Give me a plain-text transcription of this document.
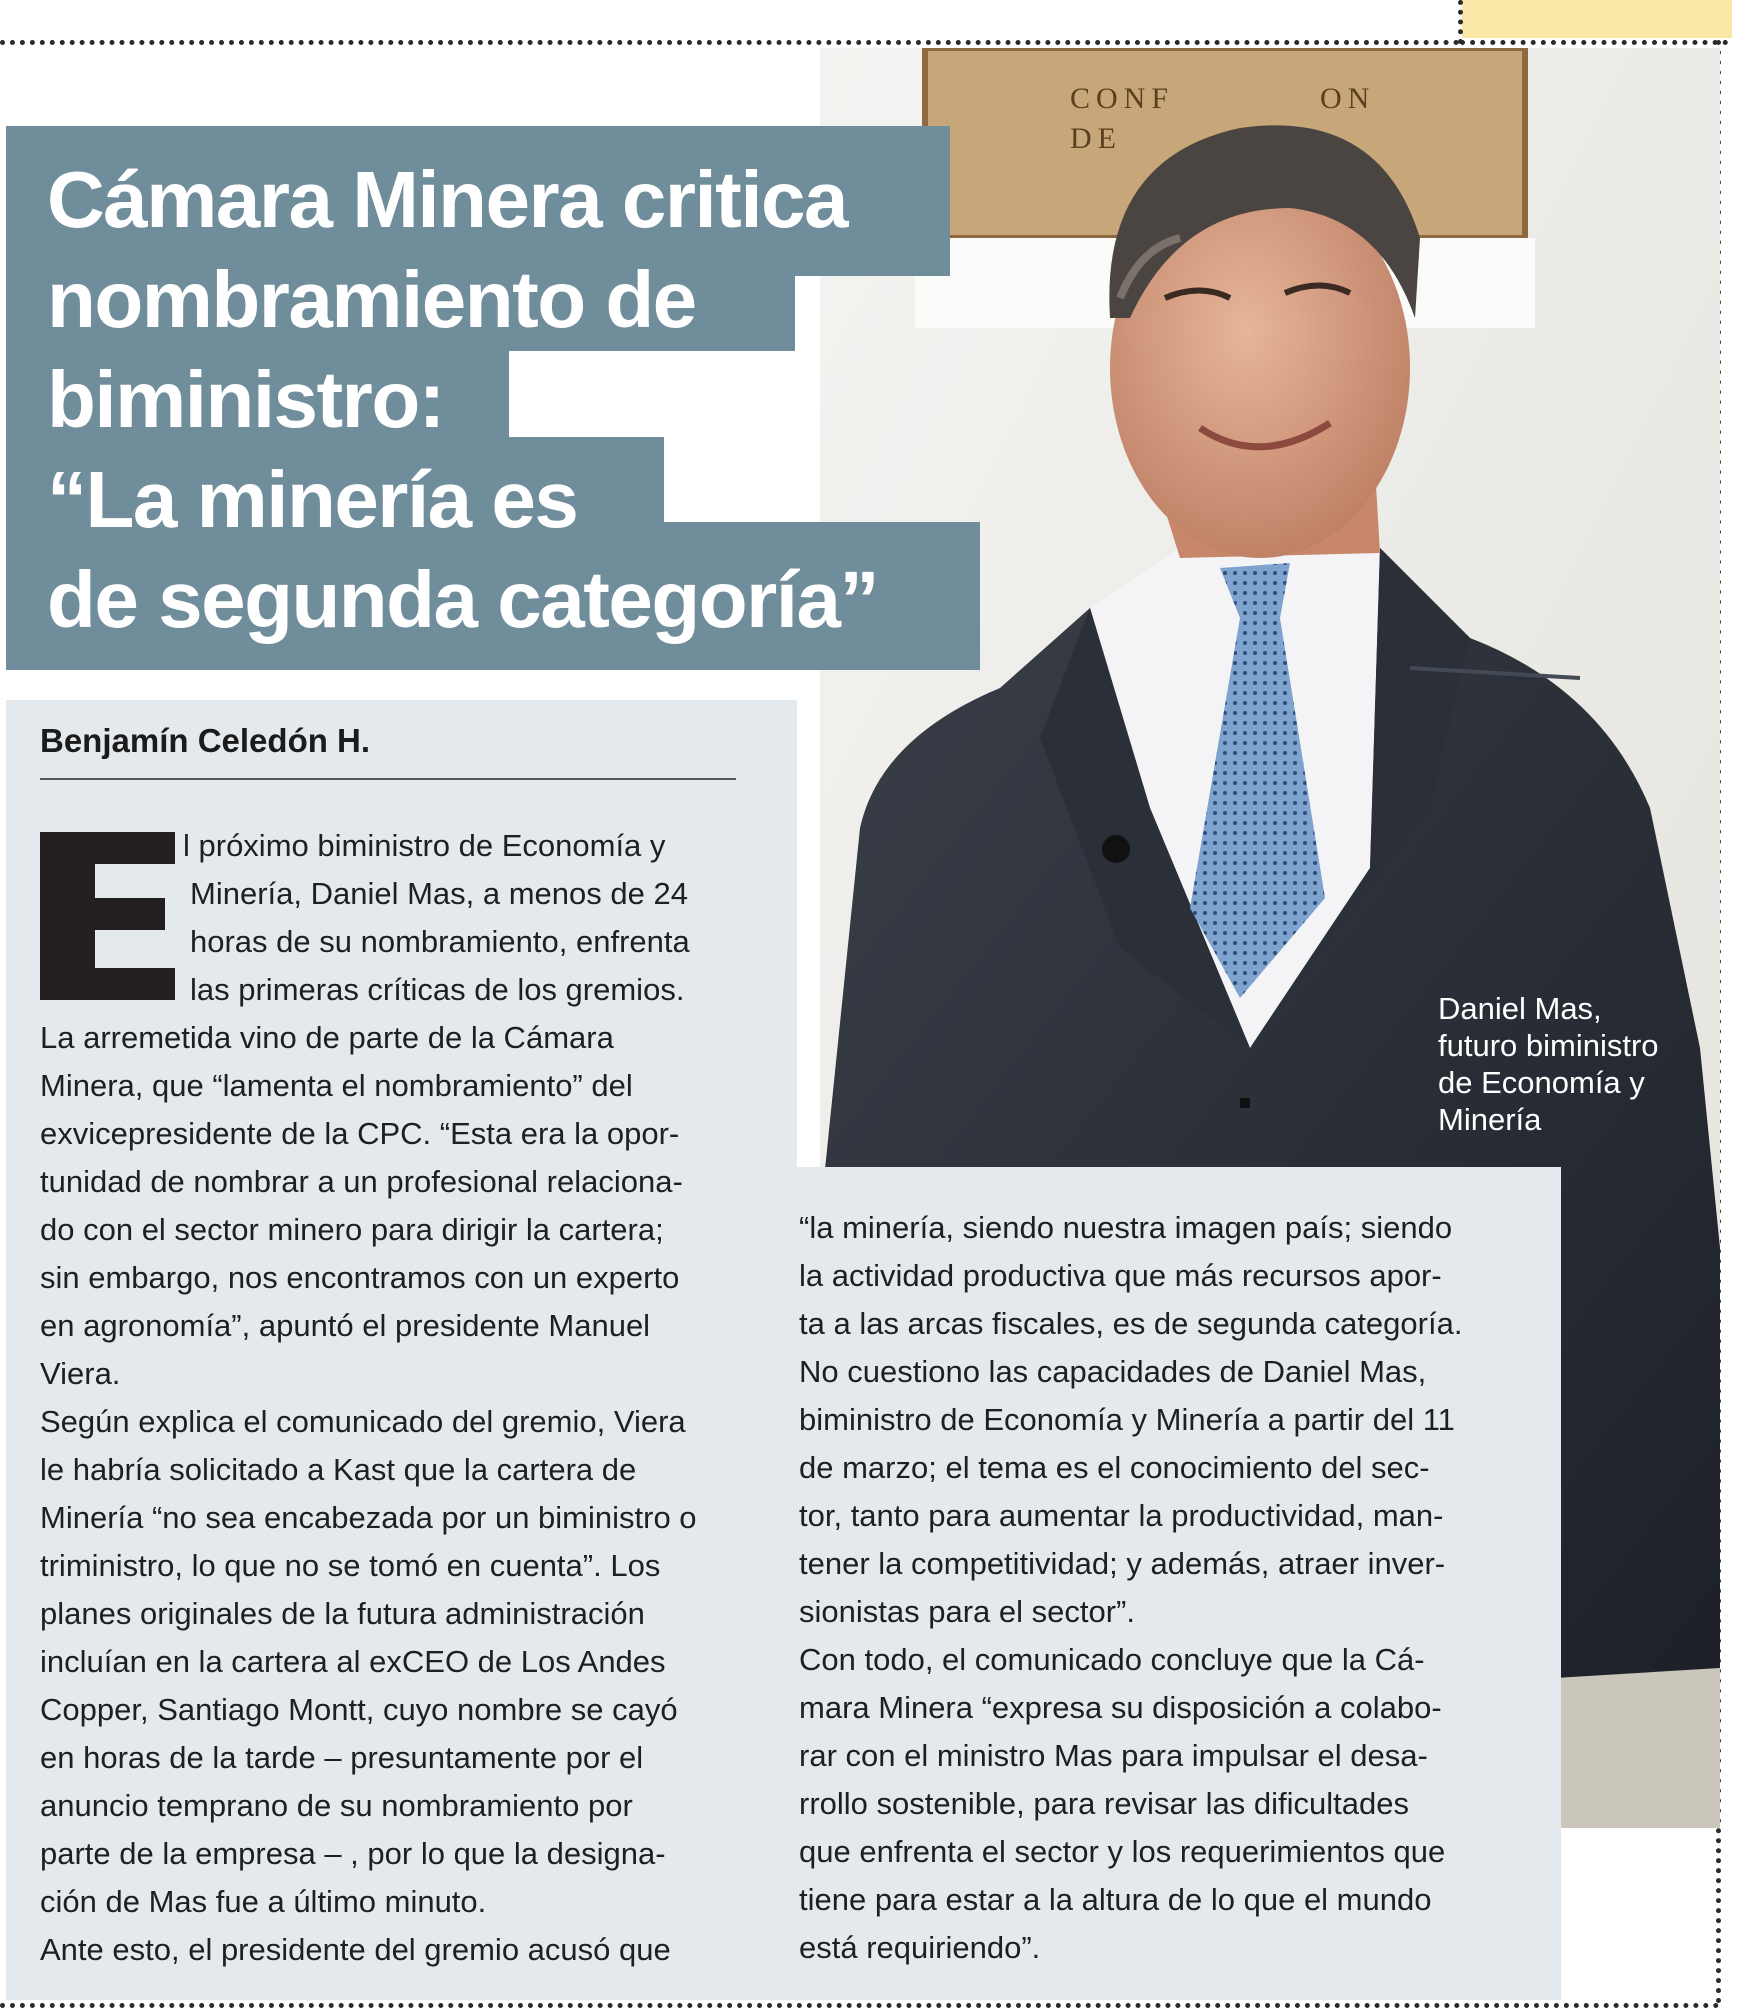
CONF	ON
DE
Cámara Minera critica
nombramiento de
biministro:
“La minería es
de segunda categoría”

Daniel Mas,
futuro biministro
de Economía y
Minería

Benjamín Celedón H.

l próximo biministro de Economía y
Minería, Daniel Mas, a menos de 24
horas de su nombramiento, enfrenta
las primeras críticas de los gremios.
La arremetida vino de parte de la Cámara
Minera, que “lamenta el nombramiento” del
exvicepresidente de la CPC. “Esta era la opor-
tunidad de nombrar a un profesional relaciona-
do con el sector minero para dirigir la cartera;
sin embargo, nos encontramos con un experto
en agronomía”, apuntó el presidente Manuel
Viera.
Según explica el comunicado del gremio, Viera
le habría solicitado a Kast que la cartera de
Minería “no sea encabezada por un biministro o
triministro, lo que no se tomó en cuenta”. Los
planes originales de la futura administración
incluían en la cartera al exCEO de Los Andes
Copper, Santiago Montt, cuyo nombre se cayó
en horas de la tarde – presuntamente por el
anuncio temprano de su nombramiento por
parte de la empresa – , por lo que la designa-
ción de Mas fue a último minuto.
Ante esto, el presidente del gremio acusó que
“la minería, siendo nuestra imagen país; siendo
la actividad productiva que más recursos apor-
ta a las arcas fiscales, es de segunda categoría.
No cuestiono las capacidades de Daniel Mas,
biministro de Economía y Minería a partir del 11
de marzo; el tema es el conocimiento del sec-
tor, tanto para aumentar la productividad, man-
tener la competitividad; y además, atraer inver-
sionistas para el sector”.
Con todo, el comunicado concluye que la Cá-
mara Minera “expresa su disposición a colabo-
rar con el ministro Mas para impulsar el desa-
rrollo sostenible, para revisar las dificultades
que enfrenta el sector y los requerimientos que
tiene para estar a la altura de lo que el mundo
está requiriendo”.
